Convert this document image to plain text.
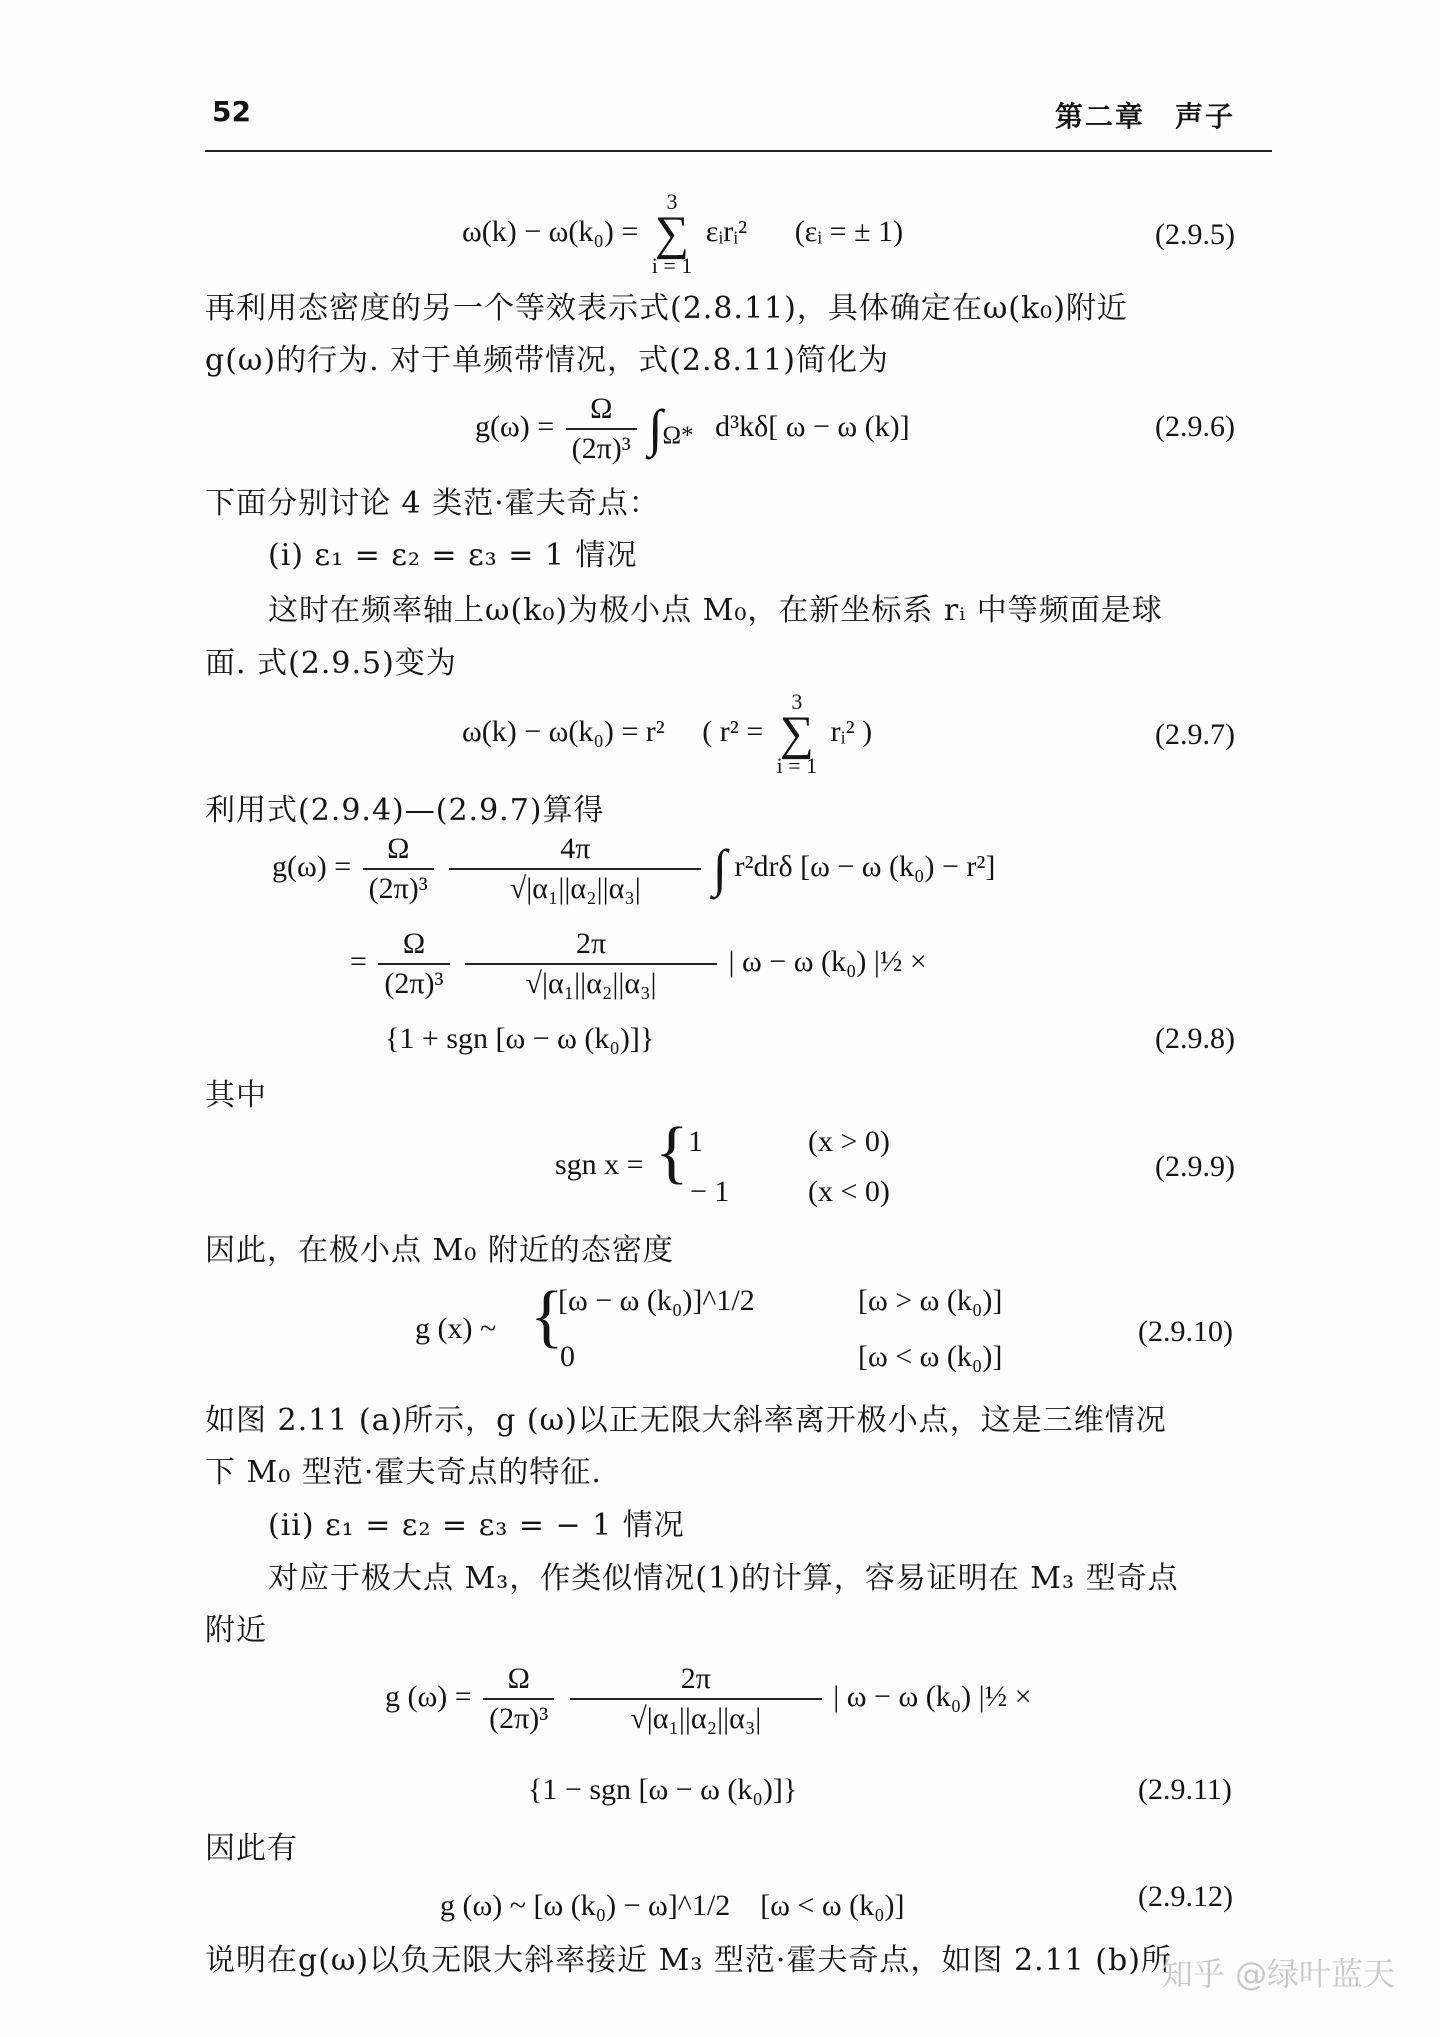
52	第二章　声子
ω(k) − ω(k₀) = 3
∑
i = 1 εᵢrᵢ² (εᵢ = ± 1)	(2.9.5)
再利用态密度的另一个等效表示式(2.8.11)，具体确定在ω(k₀)附近
g(ω)的行为. 对于单频带情况，式(2.8.11)简化为
$g(\omega) = \frac{\Omega}{\text{(2π)³}} \int_{\Omega*}$ d³kδ[ ω − ω (k)]	(2.9.6)
下面分别讨论 4 类范·霍夫奇点：
(i) ε₁ = ε₂ = ε₃ = 1 情况
这时在频率轴上ω(k₀)为极小点 M₀，在新坐标系 rᵢ 中等频面是球
面. 式(2.9.5)变为
ω(k) − ω(k₀) = r² ( r² = 3
∑
i = 1 rᵢ² )	(2.9.7)
利用式(2.9.4)—(2.9.7)算得
$g(\omega) = \frac{\Omega}{\text{(2π)³}}$
$\frac{4\pi}{\text{√|α₁||α₂||α₃|}}$ ∫ r²drδ [ω − ω (k₀) − r²]
= $\frac{\Omega}{\text{(2π)³}}$
$\frac{2\pi}{\text{√|α₁||α₂||α₃|}}$ | ω − ω (k₀) |½ ×
{1 + sgn [ω − ω (k₀)]}	(2.9.8)
其中
sgn x = { 1	(x > 0)
− 1	(x < 0)
(2.9.9)
因此，在极小点 M₀ 附近的态密度
g (x) ~ {
[ω − ω (k₀)]^1/2	[ω > ω (k₀)]
0	[ω < ω (k₀)]
(2.9.10)
如图 2.11 (a)所示，g (ω)以正无限大斜率离开极小点，这是三维情况
下 M₀ 型范·霍夫奇点的特征.
(ii) ε₁ = ε₂ = ε₃ = − 1 情况
对应于极大点 M₃，作类似情况(1)的计算，容易证明在 M₃ 型奇点
附近
g $(\omega) = \frac{\Omega}{\text{(2π)³}}$
$\frac{2\pi}{\text{√|α₁||α₂||α₃|}}$ | ω − ω (k₀) |½ ×
{1 − sgn [ω − ω (k₀)]}	(2.9.11)
因此有
g (ω) ~ [ω (k₀) − ω]^1/2　[ω < ω (k₀)]	(2.9.12)
说明在g(ω)以负无限大斜率接近 M₃ 型范·霍夫奇点，如图 2.11 (b)所
知乎 @绿叶蓝天
